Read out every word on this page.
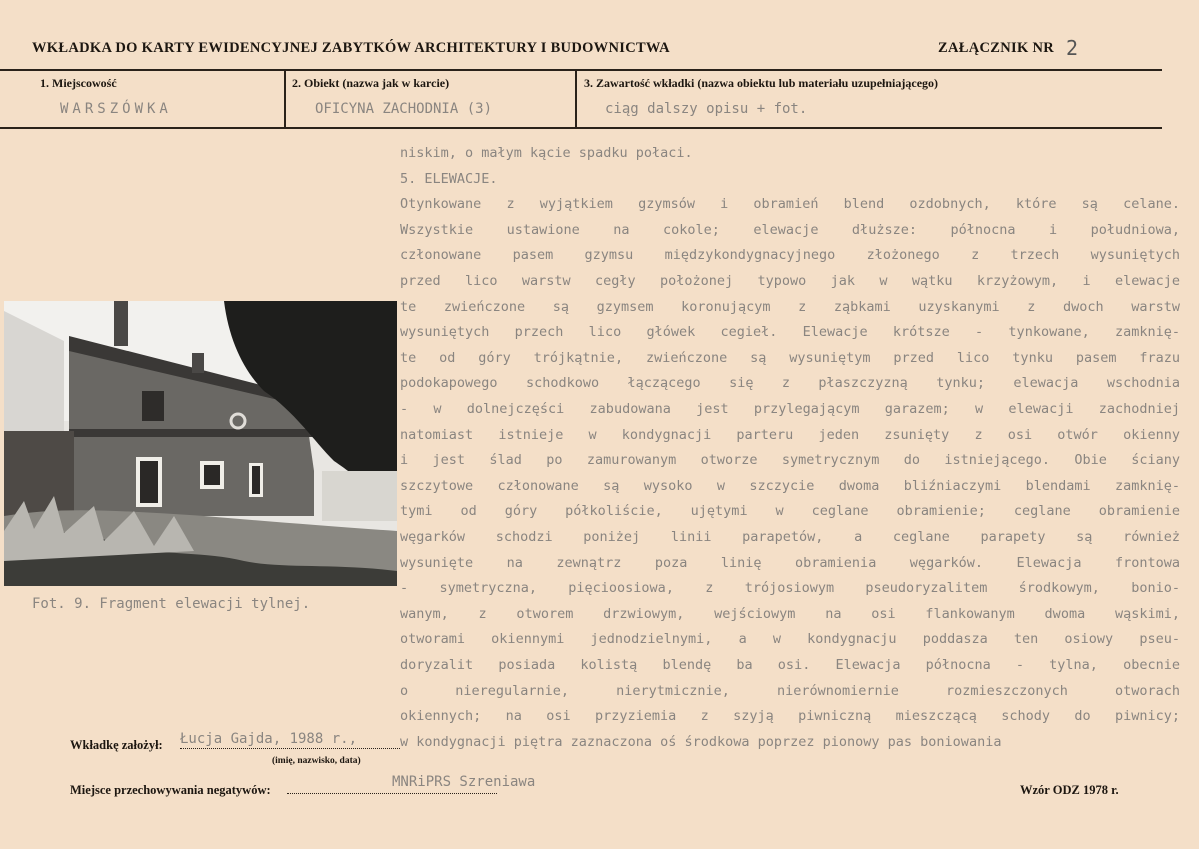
WKŁADKA DO KARTY EWIDENCYJNEJ ZABYTKÓW ARCHITEKTURY I BUDOWNICTWA	ZAŁĄCZNIK NR 2
1. Miejscowość
WARSZÓWKA
2. Obiekt (nazwa jak w karcie)
OFICYNA ZACHODNIA (3)
3. Zawartość wkładki (nazwa obiektu lub materiału uzupełniającego)
ciąg dalszy opisu + fot.
niskim, o małym kącie spadku połaci.
5. ELEWACJE.
Otynkowane z wyjątkiem gzymsów i obramień blend ozdobnych, które są celane.
Wszystkie ustawione na cokole; elewacje dłuższe: północna i południowa,
członowane pasem gzymsu międzykondygnacyjnego złożonego z trzech wysuniętych
przed lico warstw cegły położonej typowo jak w wątku krzyżowym, i elewacje
te zwieńczone są gzymsem koronującym z ząbkami uzyskanymi z dwoch warstw
wysuniętych przech lico główek cegieł. Elewacje krótsze - tynkowane, zamknię-
te od góry trójkątnie, zwieńczone są wysuniętym przed lico tynku pasem frazu
podokapowego schodkowo łączącego się z płaszczyzną tynku; elewacja wschodnia
- w dolnejczęści zabudowana jest przylegającym garazem; w elewacji zachodniej
natomiast istnieje w kondygnacji parteru jeden zsunięty z osi otwór okienny
i jest ślad po zamurowanym otworze symetrycznym do istniejącego. Obie ściany
szczytowe członowane są wysoko w szczycie dwoma bliźniaczymi blendami zamknię-
tymi od góry półkoliście, ujętymi w ceglane obramienie; ceglane obramienie
węgarków schodzi poniżej linii parapetów, a ceglane parapety są również
wysunięte na zewnątrz poza linię obramienia węgarków. Elewacja frontowa
- symetryczna, pięcioosiowa, z trójosiowym pseudoryzalitem środkowym, bonio-
wanym, z otworem drzwiowym, wejściowym na osi flankowanym dwoma wąskimi,
otworami okiennymi jednodzielnymi, a w kondygnacju poddasza ten osiowy pseu-
doryzalit posiada kolistą blendę ba osi. Elewacja północna - tylna, obecnie
o nieregularnie, nierytmicznie, nierównomiernie rozmieszczonych otworach
okiennych; na osi przyziemia z szyją piwniczną mieszczącą schody do piwnicy;
w kondygnacji piętra zaznaczona oś środkowa poprzez pionowy pas boniowania
Fot. 9. Fragment elewacji tylnej.
Wkładkę założył: Łucja Gajda, 1988 r.,
(imię, nazwisko, data)
Miejsce przechowywania negatywów:	MNRiPRS Szreniawa	Wzór ODZ 1978 r.
